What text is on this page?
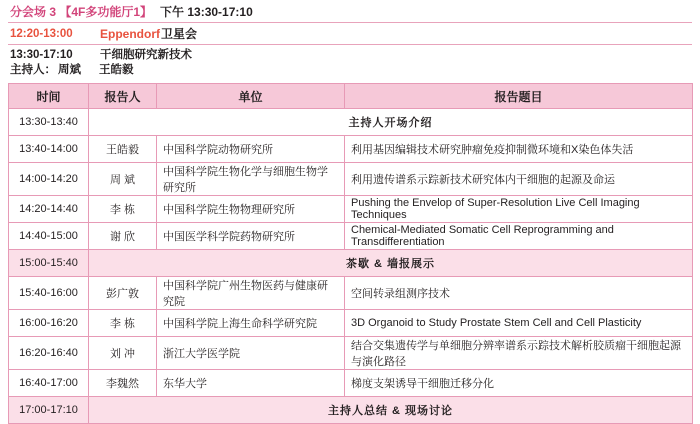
分会场 3 【4F多功能厅1】 下午 13:30-17:10
12:20-13:00	Eppendorf 卫星会
13:30-17:10	干细胞研究新技术
主持人： 周斌 王皓毅
时间	报告人	单位	报告题目
13:30-13:40	主持人开场介绍		
13:40-14:00	王皓毅	中国科学院动物研究所	利用基因编辑技术研究肿瘤免疫抑制微环境和X染色体失活
14:00-14:20	周 斌	中国科学院生物化学与细胞生物学研究所	利用遗传谱系示踪新技术研究体内干细胞的起源及命运
14:20-14:40	李 栋	中国科学院生物物理研究所	Pushing the Envelop of Super-Resolution Live Cell Imaging Techniques
14:40-15:00	谢 欣	中国医学科学院药物研究所	Chemical-Mediated Somatic Cell Reprogramming and Transdifferentiation
15:00-15:40	茶歇 & 墙报展示		
15:40-16:00	彭广敦	中国科学院广州生物医药与健康研究院	空间转录组测序技术
16:00-16:20	李 栋	中国科学院上海生命科学研究院	3D Organoid to Study Prostate Stem Cell and Cell Plasticity
16:20-16:40	刘 冲	浙江大学医学院	结合交集遗传学与单细胞分辨率谱系示踪技术解析胶质瘤干细胞起源与演化路径
16:40-17:00	李魏然	东华大学	梯度支架诱导干细胞迁移分化
17:00-17:10	主持人总结 & 现场讨论		
